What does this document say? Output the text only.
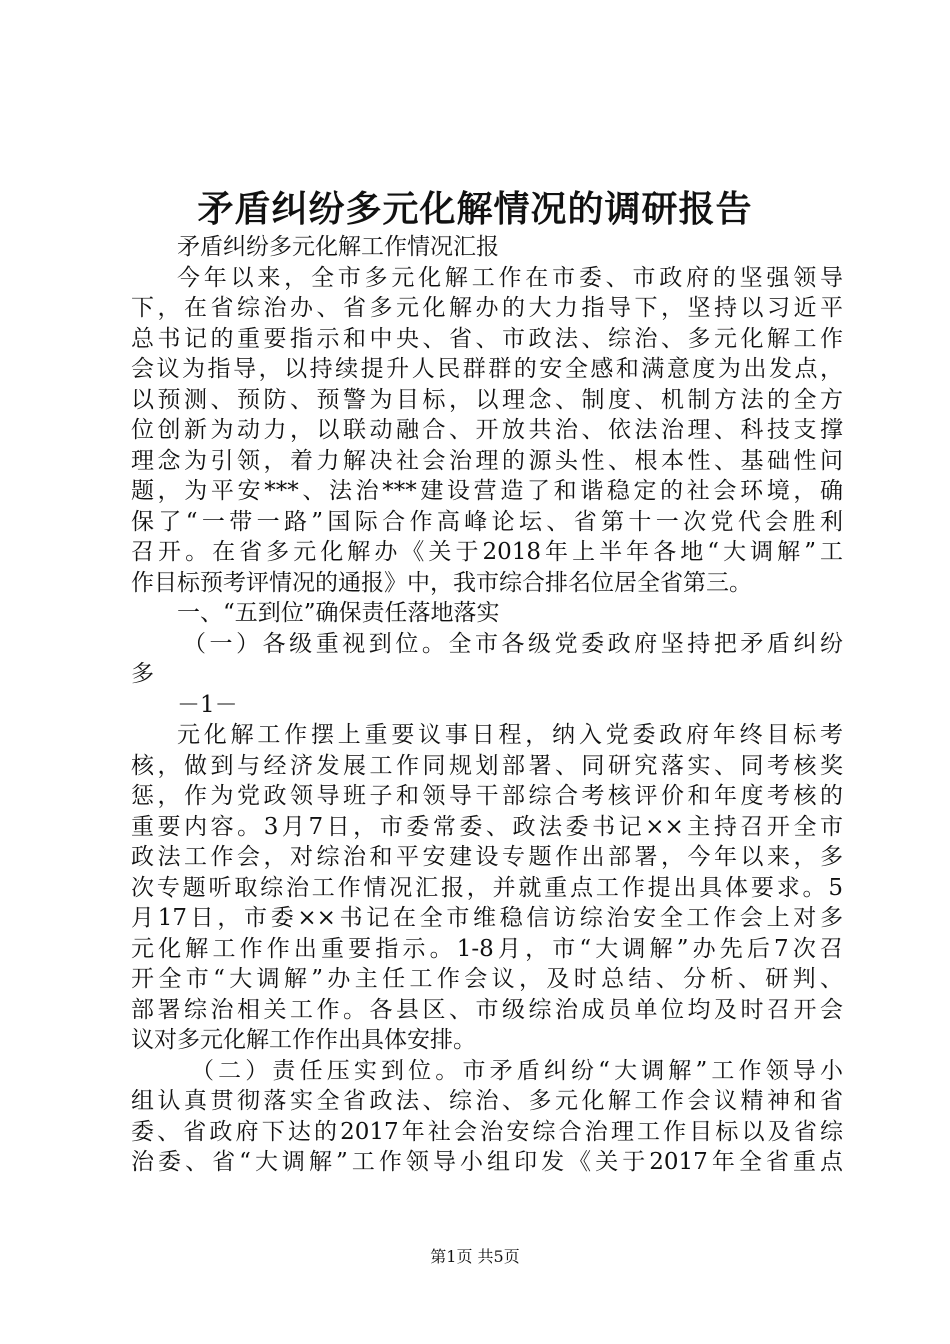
矛盾纠纷多元化解情况的调研报告
矛盾纠纷多元化解工作情况汇报
今年以来，全市多元化解工作在市委、市政府的坚强领导
下，在省综治办、省多元化解办的大力指导下，坚持以习近平
总书记的重要指示和中央、省、市政法、综治、多元化解工作
会议为指导，以持续提升人民群群的安全感和满意度为出发点，
以预测、预防、预警为目标，以理念、制度、机制方法的全方
位创新为动力，以联动融合、开放共治、依法治理、科技支撑
理念为引领，着力解决社会治理的源头性、根本性、基础性问
题，为平安***、法治***建设营造了和谐稳定的社会环境，确
保了“一带一路”国际合作高峰论坛、省第十一次党代会胜利
召开。在省多元化解办《关于2018年上半年各地“大调解”工
作目标预考评情况的通报》中，我市综合排名位居全省第三。
一、“五到位”确保责任落地落实
（一）各级重视到位。全市各级党委政府坚持把矛盾纠纷
多
－1－
元化解工作摆上重要议事日程，纳入党委政府年终目标考
核，做到与经济发展工作同规划部署、同研究落实、同考核奖
惩，作为党政领导班子和领导干部综合考核评价和年度考核的
重要内容。3月7日，市委常委、政法委书记××主持召开全市
政法工作会，对综治和平安建设专题作出部署，今年以来，多
次专题听取综治工作情况汇报，并就重点工作提出具体要求。5
月17日，市委××书记在全市维稳信访综治安全工作会上对多
元化解工作作出重要指示。1-8月，市“大调解”办先后7次召
开全市“大调解”办主任工作会议，及时总结、分析、研判、
部署综治相关工作。各县区、市级综治成员单位均及时召开会
议对多元化解工作作出具体安排。
（二）责任压实到位。市矛盾纠纷“大调解”工作领导小
组认真贯彻落实全省政法、综治、多元化解工作会议精神和省
委、省政府下达的2017年社会治安综合治理工作目标以及省综
治委、省“大调解”工作领导小组印发《关于2017年全省重点
第1页 共5页
